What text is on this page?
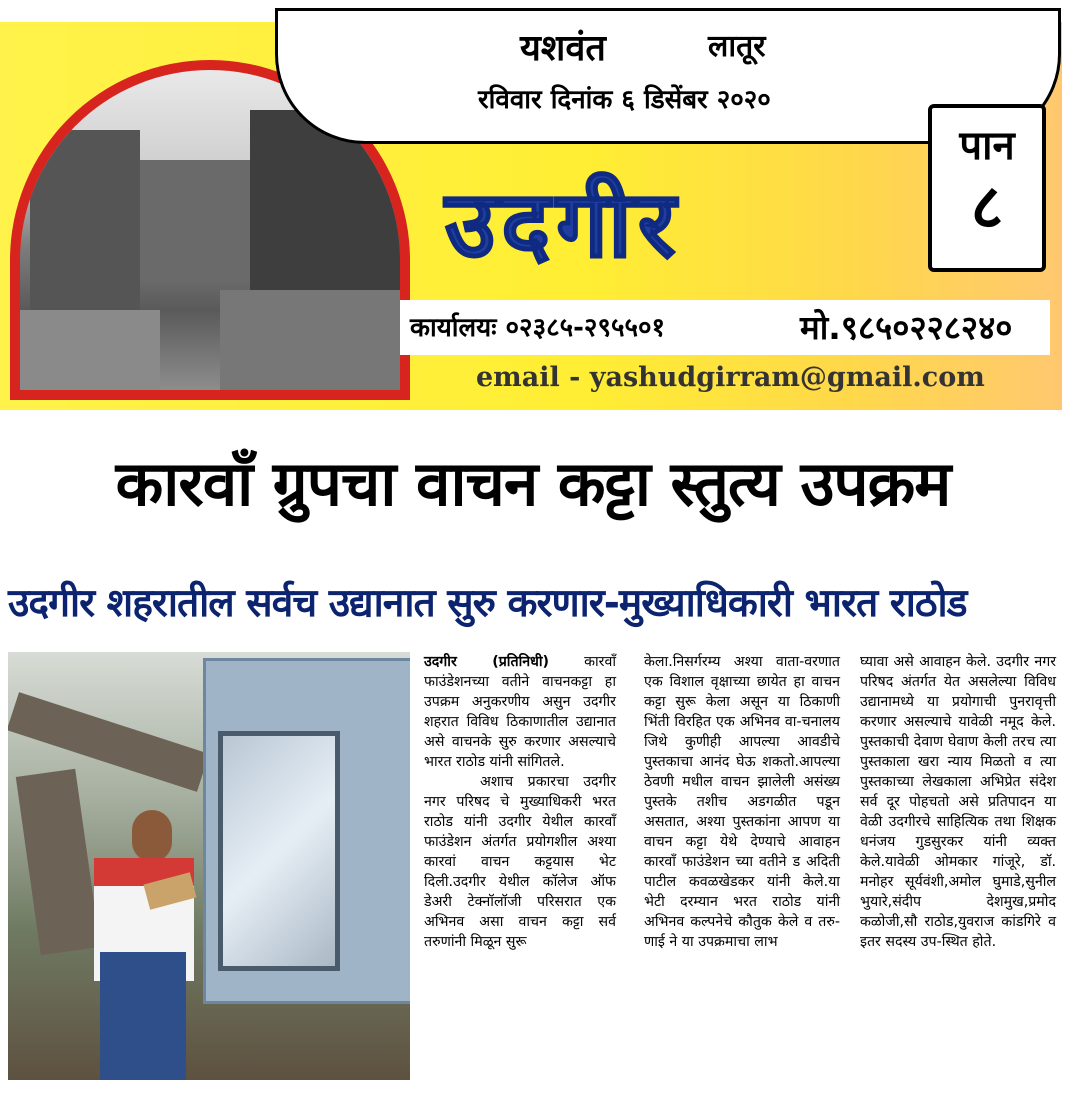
यशवंत	लातूर
रविवार दिनांक ६ डिसेंबर २०२०
पान
८
उदगीर
कार्यालयः ०२३८५-२९५५०१	मो.९८५०२२८२४०
email - yashudgirram@gmail.com
कारवाँ ग्रुपचा वाचन कट्टा स्तुत्य उपक्रम
उदगीर शहरातील सर्वच उद्यानात सुरु करणार-मुख्याधिकारी भारत राठोड

उदगीर (प्रतिनिधी) कारवाँ फाउंडेशनच्या वतीने वाचनकट्टा हा उपक्रम अनुकरणीय असुन उदगीर शहरात विविध ठिकाणातील उद्यानात असे वाचनके सुरु करणार असल्याचे भारत राठोड यांनी सांगितले.

अशाच प्रकारचा उदगीर नगर परिषद चे मुख्याधिकरी भरत राठोड यांनी उदगीर येथील कारवाँ फाउंडेशन अंतर्गत प्रयोगशील अश्या कारवां वाचन कट्टयास भेट दिली.उदगीर येथील कॉलेज ऑफ डेअरी टेक्नॉलॉजी परिसरात एक अभिनव असा वाचन कट्टा सर्व तरुणांनी मिळून सुरू

केला.निसर्गरम्य अश्या वाता-वरणात एक विशाल वृक्षाच्या छायेत हा वाचन कट्टा सुरू केला असून या ठिकाणी भिंती विरहित एक अभिनव वा-चनालय जिथे कुणीही आपल्या आवडीचे पुस्तकाचा आनंद घेऊ शकतो.आपल्या ठेवणी मधील वाचन झालेली असंख्य पुस्तके तशीच अडगळीत पडून असतात, अश्या पुस्तकांना आपण या वाचन कट्टा येथे देण्याचे आवाहन कारवाँ फाउंडेशन च्या वतीने ड अदिती पाटील कवळखेडकर यांनी केले.या भेटी दरम्यान भरत राठोड यांनी अभिनव कल्पनेचे कौतुक केले व तरु-णाई ने या उपक्रमाचा लाभ

घ्यावा असे आवाहन केले. उदगीर नगर परिषद अंतर्गत येत असलेल्या विविध उद्यानामध्ये या प्रयोगाची पुनरावृत्ती करणार असल्याचे यावेळी नमूद केले. पुस्तकाची देवाण घेवाण केली तरच त्या पुस्तकाला खरा न्याय मिळतो व त्या पुस्तकाच्या लेखकाला अभिप्रेत संदेश सर्व दूर पोहचतो असे प्रतिपादन या वेळी उदगीरचे साहित्यिक तथा शिक्षक धनंजय गुडसुरकर यांनी व्यक्त केले.यावेळी ओमकार गांजूरे, डॉ. मनोहर सूर्यवंशी,अमोल घुमाडे,सुनील भुयारे,संदीप देशमुख,प्रमोद कळोजी,सौ राठोड,युवराज कांडगिरे व इतर सदस्य उप-स्थित होते.
